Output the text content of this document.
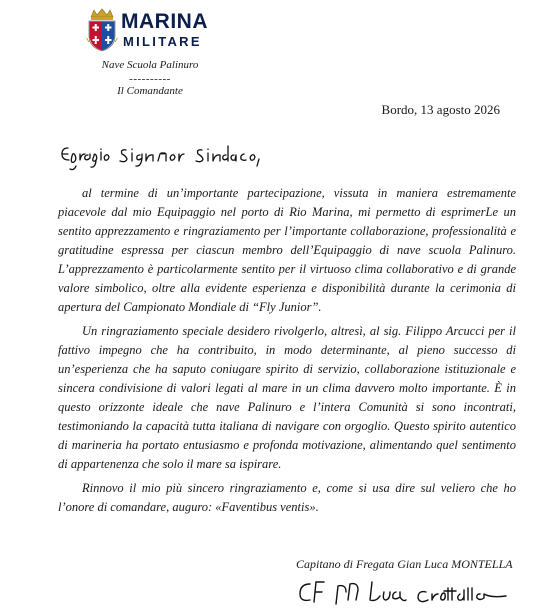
MARINA
MILITARE
Nave Scuola Palinuro
----------
Il Comandante
Bordo, 13 agosto 2026

al termine di un’importante partecipazione, vissuta in maniera estremamente piacevole dal mio Equipaggio nel porto di Rio Marina, mi permetto di esprimerLe un sentito apprezzamento e ringraziamento per l’importante collaborazione, professionalità e gratitudine espressa per ciascun membro dell’Equipaggio di nave scuola Palinuro. L’apprezzamento è particolarmente sentito per il virtuoso clima collaborativo e di grande valore simbolico, oltre alla evidente esperienza e disponibilità durante la cerimonia di apertura del Campionato Mondiale di “Fly Junior”.

Un ringraziamento speciale desidero rivolgerlo, altresì, al sig. Filippo Arcucci per il fattivo impegno che ha contribuito, in modo determinante, al pieno successo di un’esperienza che ha saputo coniugare spirito di servizio, collaborazione istituzionale e sincera condivisione di valori legati al mare in un clima davvero molto importante. È in questo orizzonte ideale che nave Palinuro e l’intera Comunità si sono incontrati, testimoniando la capacità tutta italiana di navigare con orgoglio. Questo spirito autentico di marineria ha portato entusiasmo e profonda motivazione, alimentando quel sentimento di appartenenza che solo il mare sa ispirare.

Rinnovo il mio più sincero ringraziamento e, come si usa dire sul veliero che ho l’onore di comandare, auguro: «Faventibus ventis».

Capitano di Fregata Gian Luca MONTELLA
